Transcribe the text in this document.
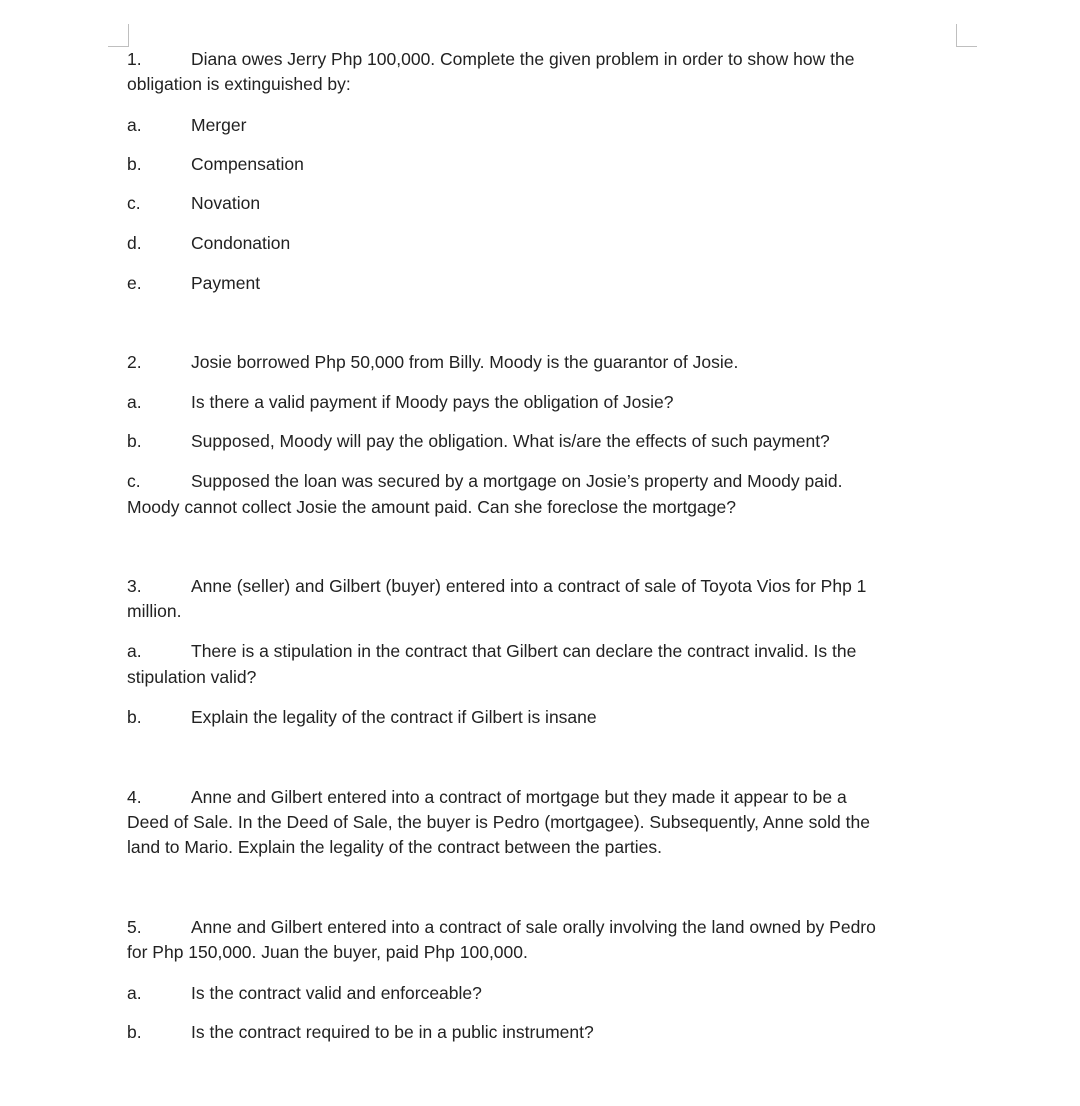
1.	Diana owes Jerry Php 100,000. Complete the given problem in order to show how the
obligation is extinguished by:
a.	Merger
b.	Compensation
c.	Novation
d.	Condonation
e.	Payment
2.	Josie borrowed Php 50,000 from Billy. Moody is the guarantor of Josie.
a.	Is there a valid payment if Moody pays the obligation of Josie?
b.	Supposed, Moody will pay the obligation. What is/are the effects of such payment?
c.	Supposed the loan was secured by a mortgage on Josie’s property and Moody paid.
Moody cannot collect Josie the amount paid. Can she foreclose the mortgage?
3.	Anne (seller) and Gilbert (buyer) entered into a contract of sale of Toyota Vios for Php 1
million.
a.	There is a stipulation in the contract that Gilbert can declare the contract invalid. Is the
stipulation valid?
b.	Explain the legality of the contract if Gilbert is insane
4.	Anne and Gilbert entered into a contract of mortgage but they made it appear to be a
Deed of Sale. In the Deed of Sale, the buyer is Pedro (mortgagee). Subsequently, Anne sold the
land to Mario. Explain the legality of the contract between the parties.
5.	Anne and Gilbert entered into a contract of sale orally involving the land owned by Pedro
for Php 150,000. Juan the buyer, paid Php 100,000.
a.	Is the contract valid and enforceable?
b.	Is the contract required to be in a public instrument?
